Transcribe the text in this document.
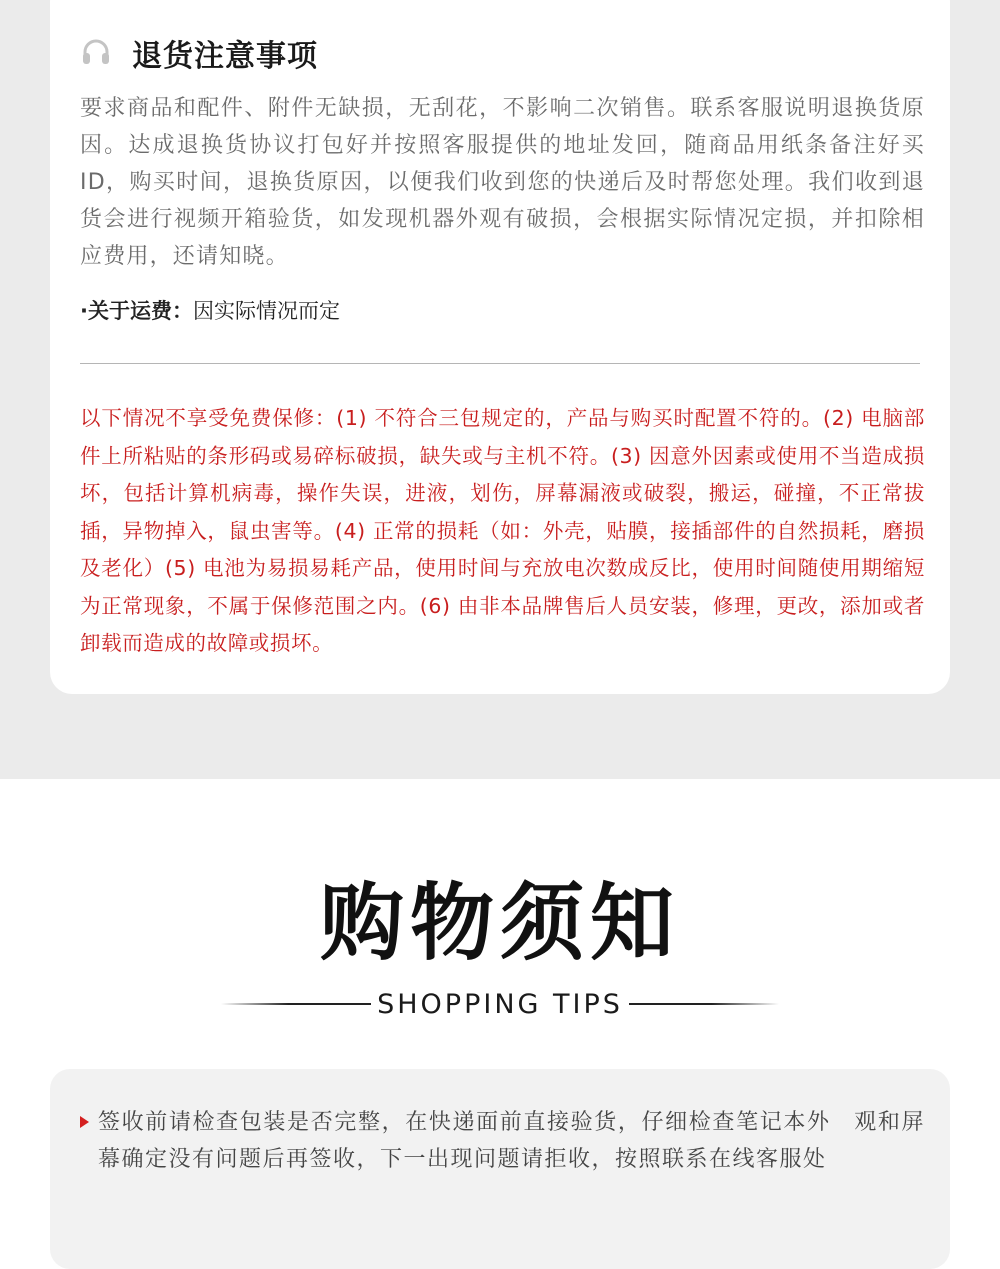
退货注意事项

要求商品和配件、附件无缺损，无刮花，不影响二次销售。联系客服说明退换货原因。达成退换货协议打包好并按照客服提供的地址发回，随商品用纸条备注好买ID，购买时间，退换货原因，以便我们收到您的快递后及时帮您处理。我们收到退货会进行视频开箱验货，如发现机器外观有破损，会根据实际情况定损，并扣除相应费用，还请知晓。

·关于运费：因实际情况而定

以下情况不享受免费保修：(1) 不符合三包规定的，产品与购买时配置不符的。(2) 电脑部件上所粘贴的条形码或易碎标破损，缺失或与主机不符。(3) 因意外因素或使用不当造成损坏，包括计算机病毒，操作失误，进液，划伤，屏幕漏液或破裂，搬运，碰撞，不正常拔插，异物掉入，鼠虫害等。(4) 正常的损耗（如：外壳，贴膜，接插部件的自然损耗，磨损及老化）(5) 电池为易损易耗产品，使用时间与充放电次数成反比，使用时间随使用期缩短为正常现象，不属于保修范围之内。(6) 由非本品牌售后人员安装，修理，更改，添加或者卸载而造成的故障或损坏。

购物须知
SHOPPING TIPS
签收前请检查包装是否完整，在快递面前直接验货，仔细检查笔记本外　观和屏幕确定没有问题后再签收，下一出现问题请拒收，按照联系在线客服处
